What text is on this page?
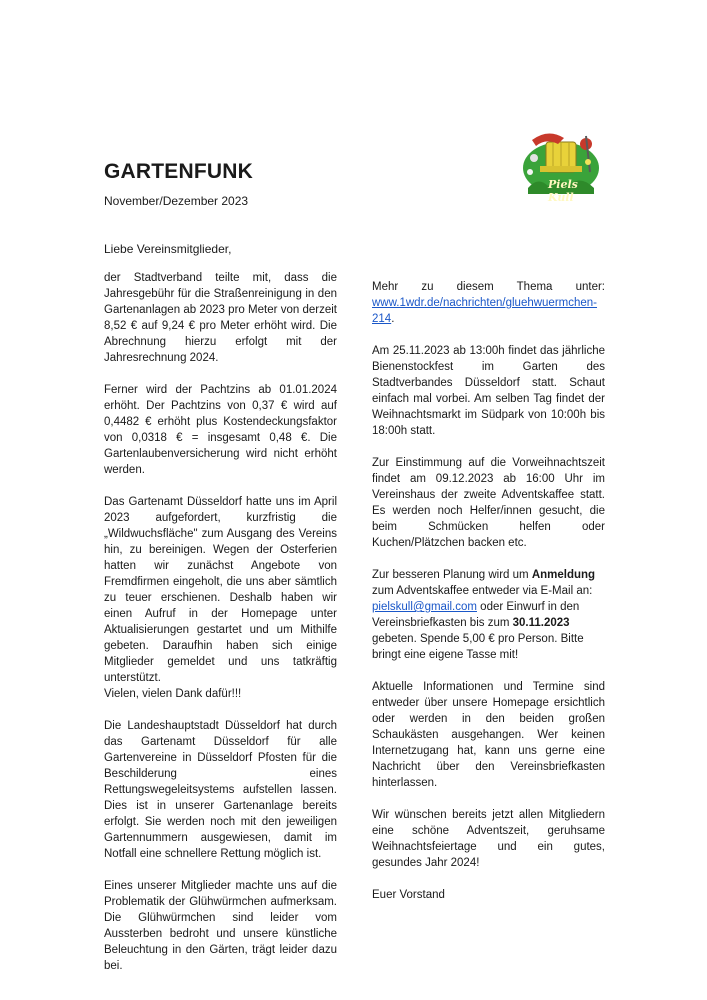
Piels Kull
GARTENFUNK
November/Dezember 2023
Liebe Vereinsmitglieder,

der Stadtverband teilte mit, dass die Jahresgebühr für die Straßenreinigung in den Gartenanlagen ab 2023 pro Meter von derzeit 8,52 € auf 9,24 € pro Meter erhöht wird. Die Abrechnung hierzu erfolgt mit der Jahresrechnung 2024.

Ferner wird der Pachtzins ab 01.01.2024 erhöht. Der Pachtzins von 0,37 € wird auf 0,4482 € erhöht plus Kostendeckungsfaktor von 0,0318 € = insgesamt 0,48 €. Die Gartenlaubenversicherung wird nicht erhöht werden.

Das Gartenamt Düsseldorf hatte uns im April 2023 aufgefordert, kurzfristig die „Wildwuchsfläche" zum Ausgang des Vereins hin, zu bereinigen. Wegen der Osterferien hatten wir zunächst Angebote von Fremdfirmen eingeholt, die uns aber sämtlich zu teuer erschienen. Deshalb haben wir einen Aufruf in der Homepage unter Aktualisierungen gestartet und um Mithilfe gebeten. Daraufhin haben sich einige Mitglieder gemeldet und uns tatkräftig unterstützt.
Vielen, vielen Dank dafür!!!

Die Landeshauptstadt Düsseldorf hat durch das Gartenamt Düsseldorf für alle Gartenvereine in Düsseldorf Pfosten für die Beschilderung eines Rettungswegeleitsystems aufstellen lassen. Dies ist in unserer Gartenanlage bereits erfolgt. Sie werden noch mit den jeweiligen Gartennummern ausgewiesen, damit im Notfall eine schnellere Rettung möglich ist.

Eines unserer Mitglieder machte uns auf die Problematik der Glühwürmchen aufmerksam. Die Glühwürmchen sind leider vom Aussterben bedroht und unsere künstliche Beleuchtung in den Gärten, trägt leider dazu bei.

Mehr zu diesem Thema unter: www.1wdr.de/nachrichten/gluehwuermchen-214.

Am 25.11.2023 ab 13:00h findet das jährliche Bienenstockfest im Garten des Stadtverbandes Düsseldorf statt. Schaut einfach mal vorbei. Am selben Tag findet der Weihnachtsmarkt im Südpark von 10:00h bis 18:00h statt.

Zur Einstimmung auf die Vorweihnachtszeit findet am 09.12.2023 ab 16:00 Uhr im Vereinshaus der zweite Adventskaffee statt. Es werden noch Helfer/innen gesucht, die beim Schmücken helfen oder Kuchen/Plätzchen backen etc.

Zur besseren Planung wird um Anmeldung zum Adventskaffee entweder via E-Mail an: pielskull@gmail.com oder Einwurf in den Vereinsbriefkasten bis zum 30.11.2023 gebeten. Spende 5,00 € pro Person. Bitte bringt eine eigene Tasse mit!

Aktuelle Informationen und Termine sind entweder über unsere Homepage ersichtlich oder werden in den beiden großen Schaukästen ausgehangen. Wer keinen Internetzugang hat, kann uns gerne eine Nachricht über den Vereinsbriefkasten hinterlassen.

Wir wünschen bereits jetzt allen Mitgliedern eine schöne Adventszeit, geruhsame Weihnachtsfeiertage und ein gutes, gesundes Jahr 2024!

Euer Vorstand
